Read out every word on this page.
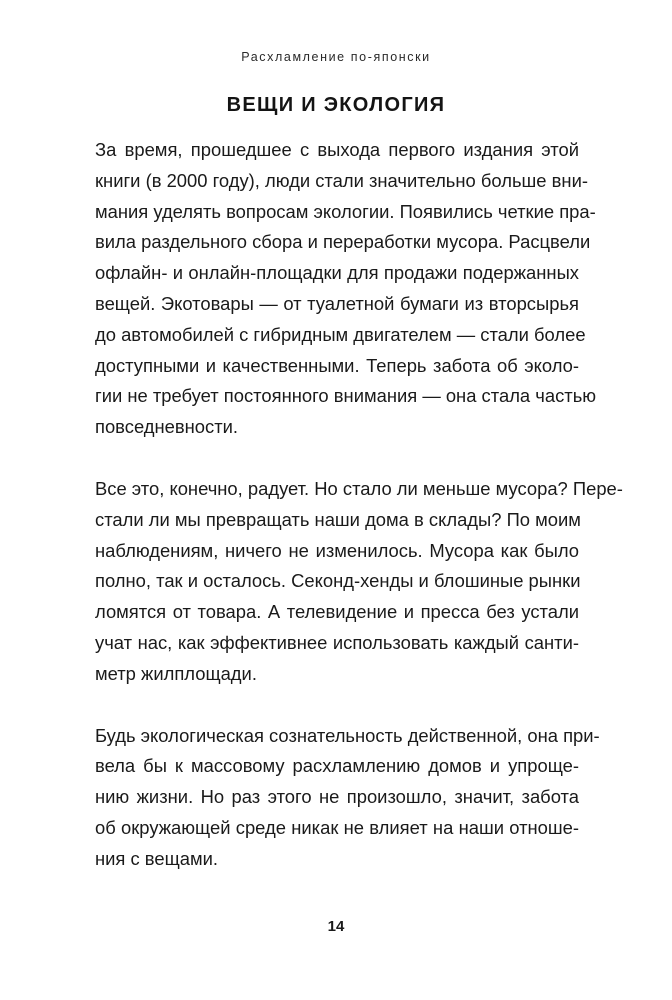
Расхламление по-японски
ВЕЩИ И ЭКОЛОГИЯ

За время, прошедшее с выхода первого издания этой
книги (в 2000 году), люди стали значительно больше вни-
мания уделять вопросам экологии. Появились четкие пра-
вила раздельного сбора и переработки мусора. Расцвели
офлайн- и онлайн-площадки для продажи подержанных
вещей. Экотовары — от туалетной бумаги из вторсырья
до автомобилей с гибридным двигателем — стали более
доступными и качественными. Теперь забота об эколо-
гии не требует постоянного внимания — она стала частью
повседневности.

Все это, конечно, радует. Но стало ли меньше мусора? Пере-
стали ли мы превращать наши дома в склады? По моим
наблюдениям, ничего не изменилось. Мусора как было
полно, так и осталось. Секонд-хенды и блошиные рынки
ломятся от товара. А телевидение и пресса без устали
учат нас, как эффективнее использовать каждый санти-
метр жилплощади.

Будь экологическая сознательность действенной, она при-
вела бы к массовому расхламлению домов и упроще-
нию жизни. Но раз этого не произошло, значит, забота
об окружающей среде никак не влияет на наши отноше-
ния с вещами.

14
